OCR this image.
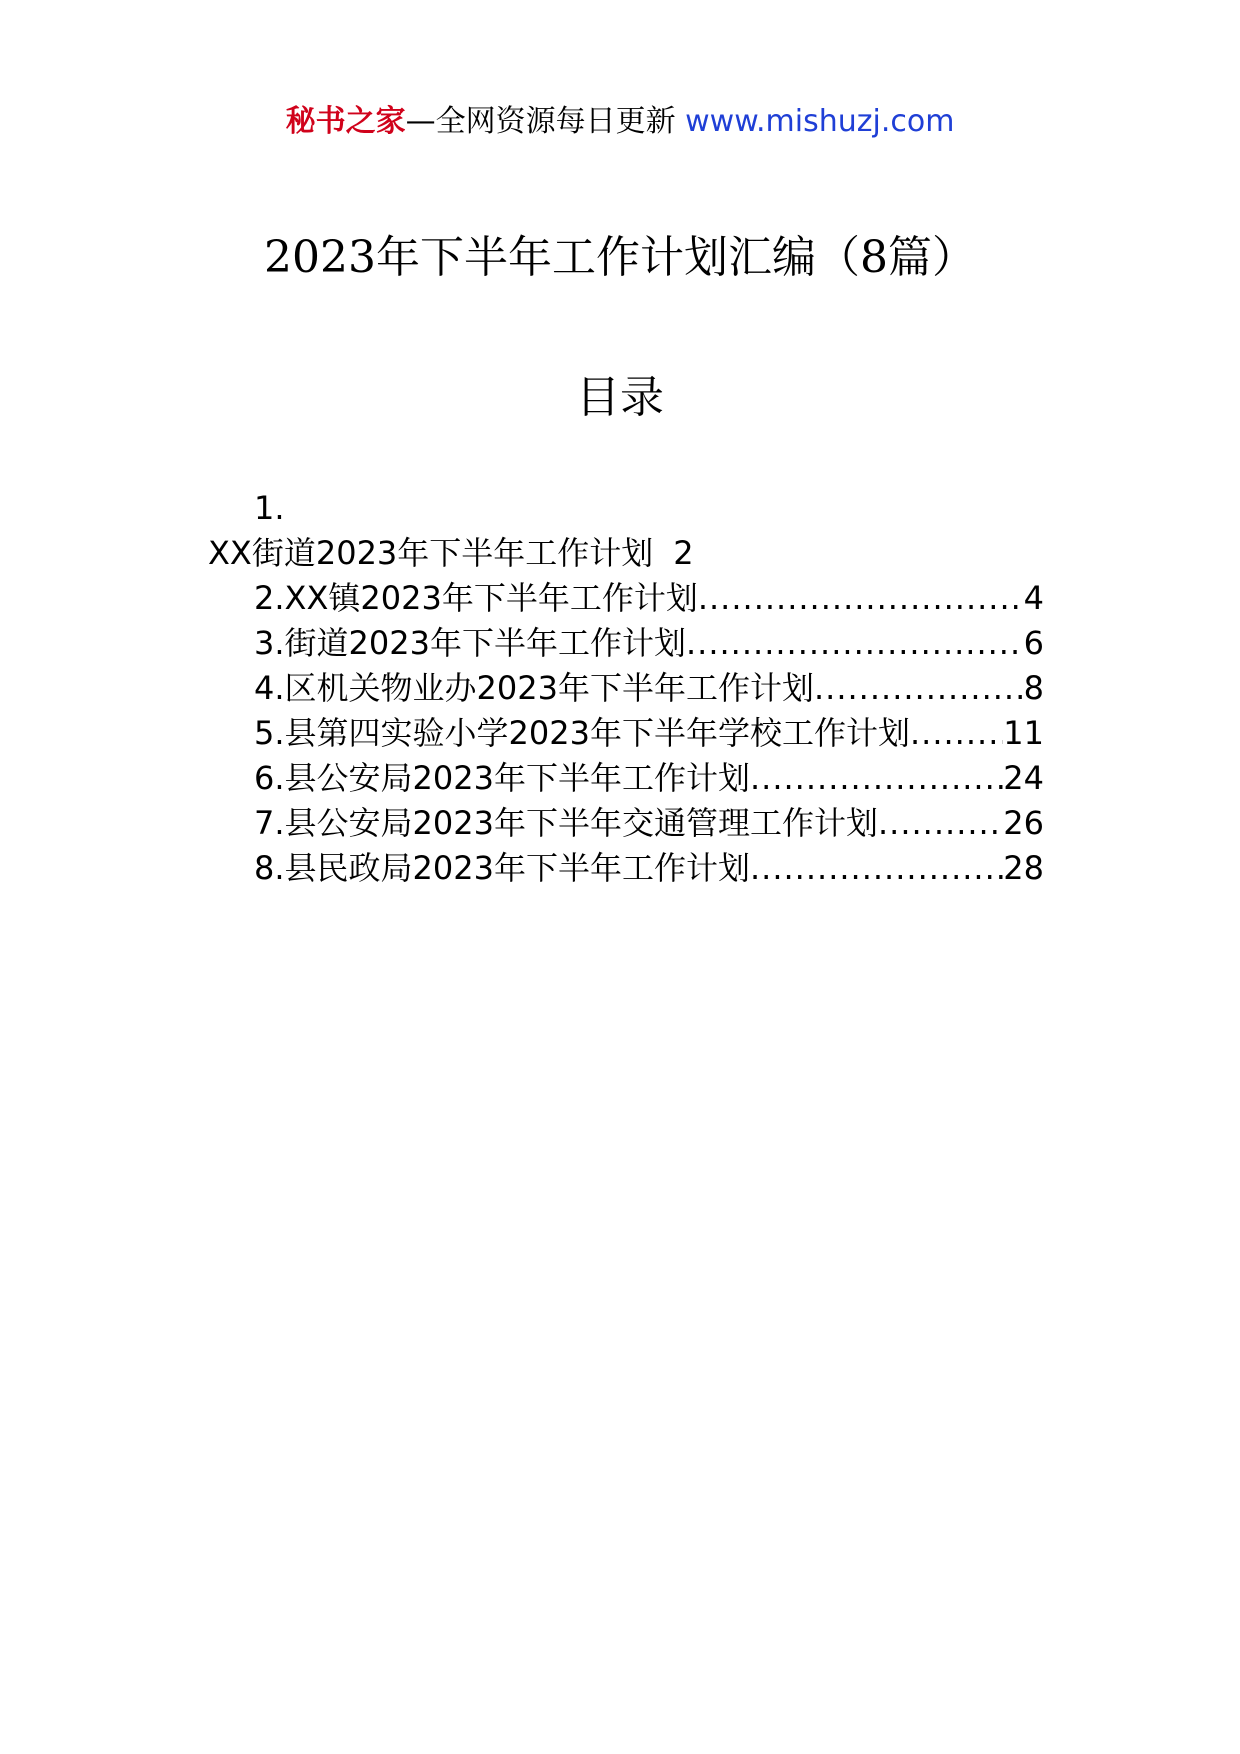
秘书之家—全网资源每日更新 www.mishuzj.com
2023年下半年工作计划汇编（8篇）
目录
1.
XX街道2023年下半年工作计划 2
2. XX镇2023年下半年工作计划 .....	4
3. 街道2023年下半年工作计划 .....	6
4. 区机关物业办2023年下半年工作计划 .....	8
5. 县第四实验小学2023年下半年学校工作计划 .....	11
6. 县公安局2023年下半年工作计划 .....	24
7. 县公安局2023年下半年交通管理工作计划 .....	26
8. 县民政局2023年下半年工作计划 .....	28
